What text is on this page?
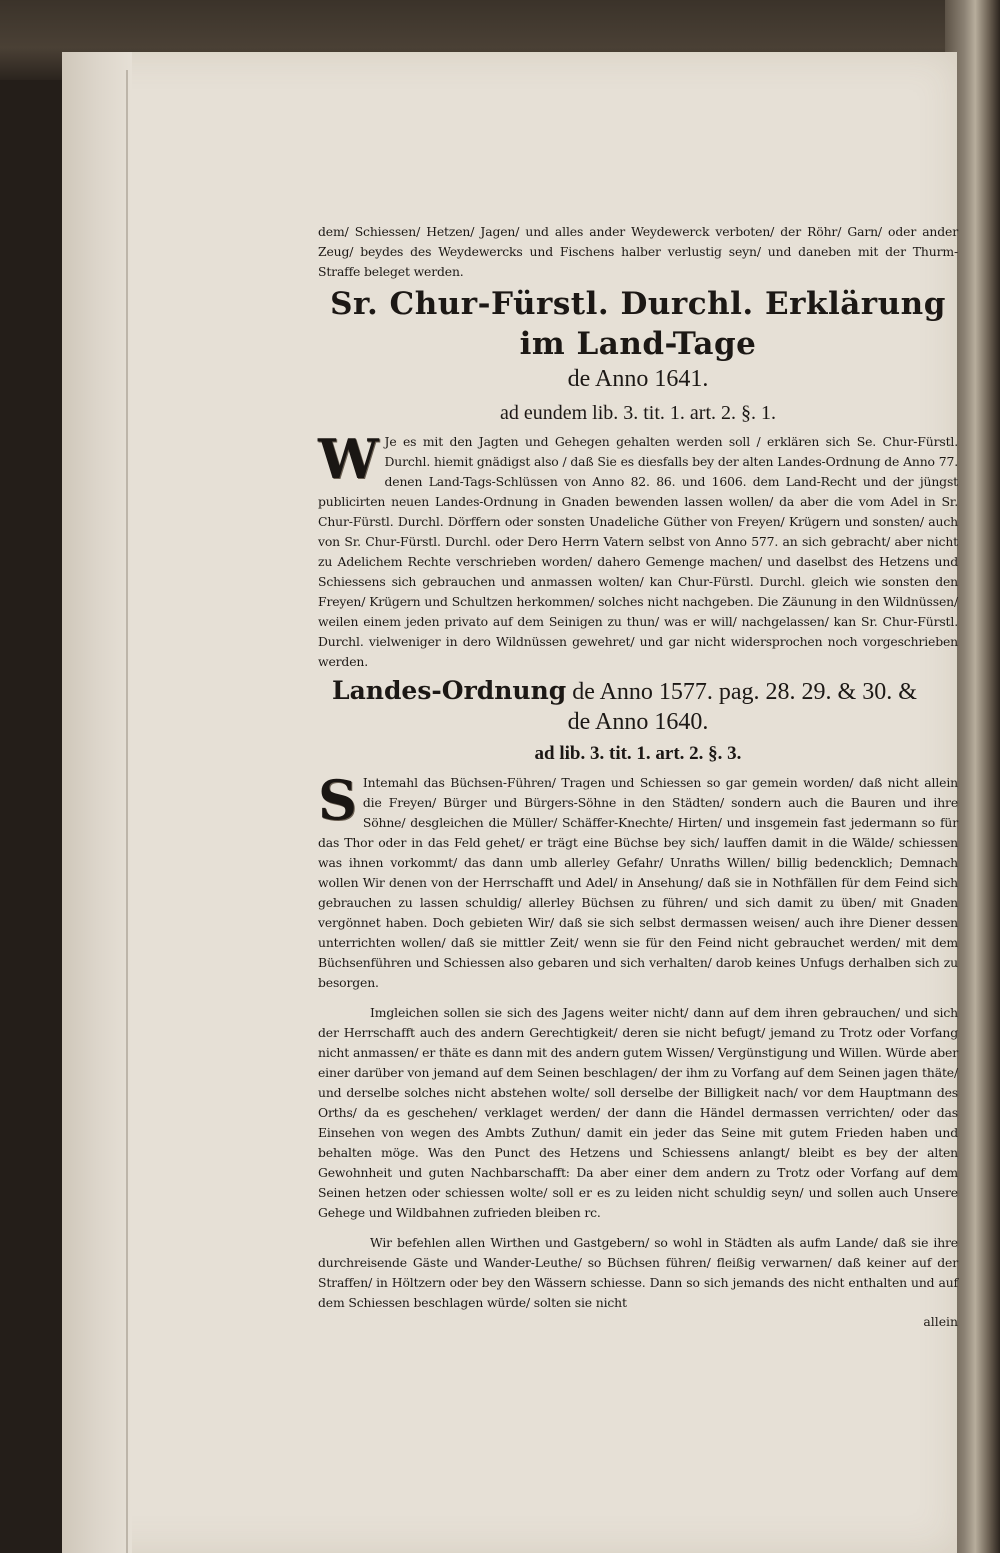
dem/ Schiessen/ Hetzen/ Jagen/ und alles ander Weydewerck verboten/ der Röhr/ Garn/ oder ander Zeug/ beydes des Weydewercks und Fischens halber verlustig seyn/ und daneben mit der Thurm-Straffe beleget werden.

Sr. Chur-Fürstl. Durchl. Erklärung im Land-Tage
de Anno 1641.
ad eundem lib. 3. tit. 1. art. 2. §. 1.

W Je es mit den Jagten und Gehegen gehalten werden soll / erklären sich Se. Chur-Fürstl. Durchl. hiemit gnädigst also / daß Sie es diesfalls bey der alten Landes-Ordnung de Anno 77. denen Land-Tags-Schlüssen von Anno 82. 86. und 1606. dem Land-Recht und der jüngst publicirten neuen Landes-Ordnung in Gnaden bewenden lassen wollen/ da aber die vom Adel in Sr. Chur-Fürstl. Durchl. Dörffern oder sonsten Unadeliche Güther von Freyen/ Krügern und sonsten/ auch von Sr. Chur-Fürstl. Durchl. oder Dero Herrn Vatern selbst von Anno 577. an sich gebracht/ aber nicht zu Adelichem Rechte verschrieben worden/ dahero Gemenge machen/ und daselbst des Hetzens und Schiessens sich gebrauchen und anmassen wolten/ kan Chur-Fürstl. Durchl. gleich wie sonsten den Freyen/ Krügern und Schultzen herkommen/ solches nicht nachgeben. Die Zäunung in den Wildnüssen/ weilen einem jeden privato auf dem Seinigen zu thun/ was er will/ nachgelassen/ kan Sr. Chur-Fürstl. Durchl. vielweniger in dero Wildnüssen gewehret/ und gar nicht widersprochen noch vorgeschrieben werden.

Landes-Ordnung de Anno 1577. pag. 28. 29. & 30. &
de Anno 1640.
ad lib. 3. tit. 1. art. 2. §. 3.

S Intemahl das Büchsen-Führen/ Tragen und Schiessen so gar gemein worden/ daß nicht allein die Freyen/ Bürger und Bürgers-Söhne in den Städten/ sondern auch die Bauren und ihre Söhne/ desgleichen die Müller/ Schäffer-Knechte/ Hirten/ und insgemein fast jedermann so für das Thor oder in das Feld gehet/ er trägt eine Büchse bey sich/ lauffen damit in die Wälde/ schiessen was ihnen vorkommt/ das dann umb allerley Gefahr/ Unraths Willen/ billig bedencklich; Demnach wollen Wir denen von der Herrschafft und Adel/ in Ansehung/ daß sie in Nothfällen für dem Feind sich gebrauchen zu lassen schuldig/ allerley Büchsen zu führen/ und sich damit zu üben/ mit Gnaden vergönnet haben. Doch gebieten Wir/ daß sie sich selbst dermassen weisen/ auch ihre Diener dessen unterrichten wollen/ daß sie mittler Zeit/ wenn sie für den Feind nicht gebrauchet werden/ mit dem Büchsenführen und Schiessen also gebaren und sich verhalten/ darob keines Unfugs derhalben sich zu besorgen.

Imgleichen sollen sie sich des Jagens weiter nicht/ dann auf dem ihren gebrauchen/ und sich der Herrschafft auch des andern Gerechtigkeit/ deren sie nicht befugt/ jemand zu Trotz oder Vorfang nicht anmassen/ er thäte es dann mit des andern gutem Wissen/ Vergünstigung und Willen. Würde aber einer darüber von jemand auf dem Seinen beschlagen/ der ihm zu Vorfang auf dem Seinen jagen thäte/ und derselbe solches nicht abstehen wolte/ soll derselbe der Billigkeit nach/ vor dem Hauptmann des Orths/ da es geschehen/ verklaget werden/ der dann die Händel dermassen verrichten/ oder das Einsehen von wegen des Ambts Zuthun/ damit ein jeder das Seine mit gutem Frieden haben und behalten möge. Was den Punct des Hetzens und Schiessens anlangt/ bleibt es bey der alten Gewohnheit und guten Nachbarschafft: Da aber einer dem andern zu Trotz oder Vorfang auf dem Seinen hetzen oder schiessen wolte/ soll er es zu leiden nicht schuldig seyn/ und sollen auch Unsere Gehege und Wildbahnen zufrieden bleiben rc.

Wir befehlen allen Wirthen und Gastgebern/ so wohl in Städten als aufm Lande/ daß sie ihre durchreisende Gäste und Wander-Leuthe/ so Büchsen führen/ fleißig verwarnen/ daß keiner auf der Straffen/ in Höltzern oder bey den Wässern schiesse. Dann so sich jemands des nicht enthalten und auf dem Schiessen beschlagen würde/ solten sie nicht

allein
